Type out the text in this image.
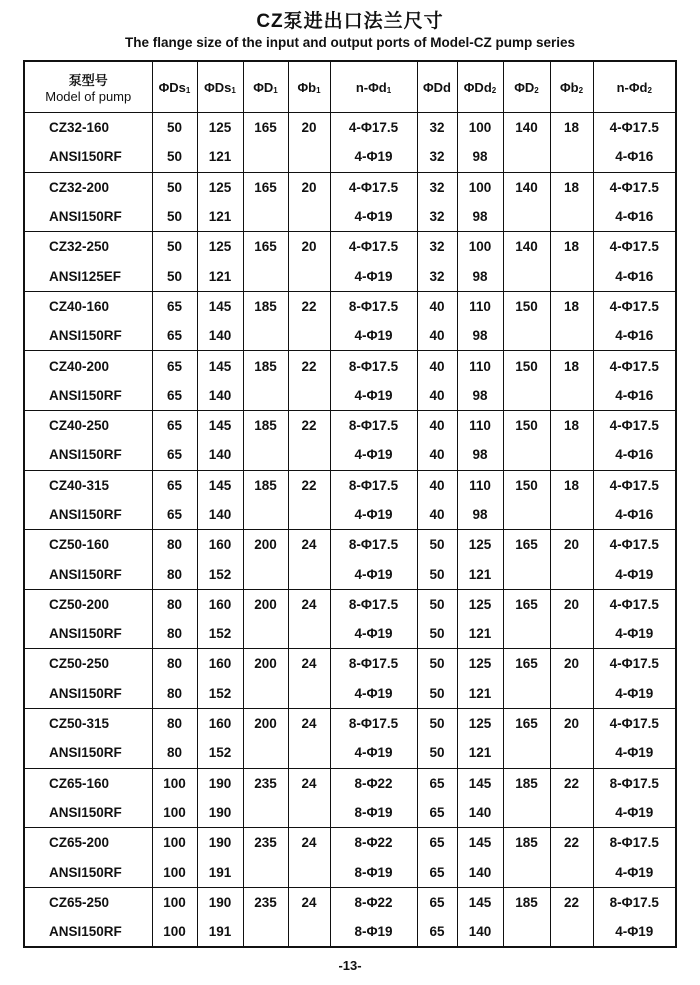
CZ泵进出口法兰尺寸
The flange size of the input and output ports of Model-CZ pump series
泵型号
Model of pump	ΦDs$_1$	ΦDs$_1$	$\Phi D_1$	$\Phi b_1$	$n-\Phi d_1$	ΦDd	ΦDd$_2$	$\Phi D_2$	$\Phi b_2$	$n-\Phi d_2$
CZ32-160	50	125	165	20	4-Φ17.5	32	100	140	18	4-Φ17.5
ANSI150RF	50	121			4-Φ19	32	98			4-Φ16
CZ32-200	50	125	165	20	4-Φ17.5	32	100	140	18	4-Φ17.5
ANSI150RF	50	121			4-Φ19	32	98			4-Φ16
CZ32-250	50	125	165	20	4-Φ17.5	32	100	140	18	4-Φ17.5
ANSI125EF	50	121			4-Φ19	32	98			4-Φ16
CZ40-160	65	145	185	22	8-Φ17.5	40	110	150	18	4-Φ17.5
ANSI150RF	65	140			4-Φ19	40	98			4-Φ16
CZ40-200	65	145	185	22	8-Φ17.5	40	110	150	18	4-Φ17.5
ANSI150RF	65	140			4-Φ19	40	98			4-Φ16
CZ40-250	65	145	185	22	8-Φ17.5	40	110	150	18	4-Φ17.5
ANSI150RF	65	140			4-Φ19	40	98			4-Φ16
CZ40-315	65	145	185	22	8-Φ17.5	40	110	150	18	4-Φ17.5
ANSI150RF	65	140			4-Φ19	40	98			4-Φ16
CZ50-160	80	160	200	24	8-Φ17.5	50	125	165	20	4-Φ17.5
ANSI150RF	80	152			4-Φ19	50	121			4-Φ19
CZ50-200	80	160	200	24	8-Φ17.5	50	125	165	20	4-Φ17.5
ANSI150RF	80	152			4-Φ19	50	121			4-Φ19
CZ50-250	80	160	200	24	8-Φ17.5	50	125	165	20	4-Φ17.5
ANSI150RF	80	152			4-Φ19	50	121			4-Φ19
CZ50-315	80	160	200	24	8-Φ17.5	50	125	165	20	4-Φ17.5
ANSI150RF	80	152			4-Φ19	50	121			4-Φ19
CZ65-160	100	190	235	24	8-Φ22	65	145	185	22	8-Φ17.5
ANSI150RF	100	190			8-Φ19	65	140			4-Φ19
CZ65-200	100	190	235	24	8-Φ22	65	145	185	22	8-Φ17.5
ANSI150RF	100	191			8-Φ19	65	140			4-Φ19
CZ65-250	100	190	235	24	8-Φ22	65	145	185	22	8-Φ17.5
ANSI150RF	100	191			8-Φ19	65	140			4-Φ19
-13-
